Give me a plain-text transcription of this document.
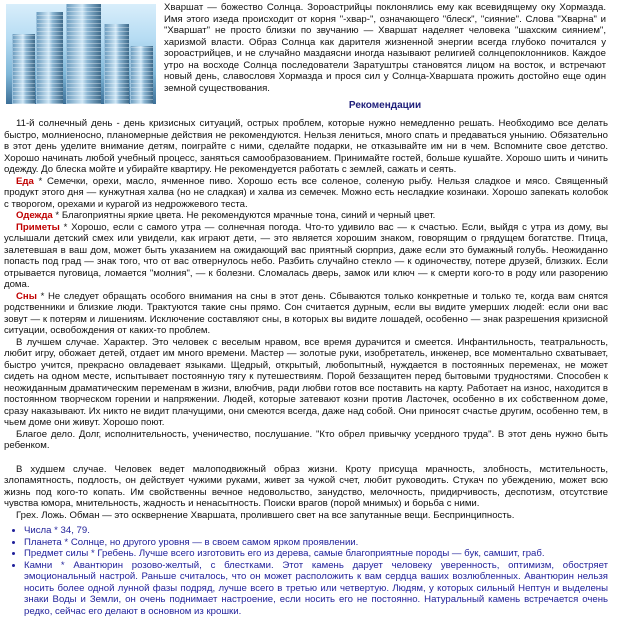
Хваршат — божество Солнца. Зороастрийцы поклонялись ему как всевидящему оку Хормазда. Имя этого изеда происходит от корня "-хвар-", означающего "блеск", "сияние". Слова "Хварна" и "Хваршат" не просто близки по звучанию — Хваршат наделяет человека "шахским сиянием", харизмой власти. Образ Солнца как дарителя жизненной энергии всегда глубоко почитался у зороастрийцев, и не случайно маздаясни иногда называют религией солнцепоклонников. Каждое утро на восходе Солнца последователи Заратуштры становятся лицом на восток, и встречают новый день, славословя Хормазда и прося сил у Солнца-Хваршата прожить достойно еще один земной существования.
Рекомендации

11-й солнечный день - день кризисных ситуаций, острых проблем, которые нужно немедленно решать. Необходимо все делать быстро, молниеносно, планомерные действия не рекомендуются. Нельзя лениться, много спать и предаваться унынию. Обязательно в этот день уделите внимание детям, поиграйте с ними, сделайте подарки, не отказывайте им ни в чем. Вспомните свое детство. Хорошо начинать любой учебный процесс, заняться самообразованием. Принимайте гостей, больше кушайте. Хорошо шить и чинить одежду. До блеска мойте и убирайте квартиру. Не рекомендуется работать с землей, сажать и сеять.

Еда * Семечки, орехи, масло, ячменное пиво. Хорошо есть все соленое, соленую рыбу. Нельзя сладкое и мясо. Священный продукт этого дня — кунжутная халва (но не сладкая) и халва из семечек. Можно есть несладкие козинаки. Хорошо запекать колобок с творогом, орехами и курагой из недрожжевого теста.

Одежда * Благоприятны яркие цвета. Не рекомендуются мрачные тона, синий и черный цвет.

Приметы * Хорошо, если с самого утра — солнечная погода. Что-то удивило вас — к счастью. Если, выйдя с утра из дому, вы услышали детский смех или увидели, как играют дети, — это является хорошим знаком, говорящим о грядущем богатстве. Птица, залетевшая в ваш дом, может быть указанием на ожидающий вас приятный сюрприз, даже если это бумажный голубь. Неожиданно попасть под град — знак того, что от вас отвернулось небо. Разбить случайно стекло — к одиночеству, потере друзей, близких. Если отрывается пуговица, ломается "молния", — к болезни. Сломалась дверь, замок или ключ — к смерти кого-то в роду или разорению дома.

Сны * Не следует обращать особого внимания на сны в этот день. Сбываются только конкретные и только те, когда вам снятся родственники и близкие люди. Трактуются такие сны прямо. Сон считается дурным, если вы видите умерших людей: если они вас зовут — к потерям и лишениям. Исключение составляют сны, в которых вы видите лошадей, особенно — знак разрешения кризисной ситуации, освобождения от каких-то проблем.

В лучшем случае. Характер. Это человек с веселым нравом, все время дурачится и смеется. Инфантильность, театральность, любит игру, обожает детей, отдает им много времени. Мастер — золотые руки, изобретатель, инженер, все моментально схватывает, быстро учится, прекрасно овладевает языками. Щедрый, открытый, любопытный, нуждается в постоянных переменах, не может сидеть на одном месте, испытывает постоянную тягу к путешествиям. Порой беззащитен перед бытовыми трудностями. Способен к неожиданным драматическим переменам в жизни, влюбчив, ради любви готов все поставить на карту. Работает на износ, находится в постоянном творческом горении и напряжении. Людей, которые затевают козни против Ласточек, особенно в их собственном доме, сразу наказывают. Их никто не видит плачущими, они смеются всегда, даже над собой. Они приносят счастье другим, особенно тем, в чьем доме они живут. Хорошо поют.

Благое дело. Долг, исполнительность, ученичество, послушание. "Кто обрел привычку усердного труда". В этот день нужно быть ребенком.

В худшем случае. Человек ведет малоподвижный образ жизни. Кроту присуща мрачность, злобность, мстительность, злопамятность, подлость, он действует чужими руками, живет за чужой счет, любит руководить. Стукач по убеждению, может всю жизнь под кого-то копать. Им свойственны вечное недовольство, занудство, мелочность, придирчивость, деспотизм, отсутствие чувства юмора, мнительность, жадность и ненасытность. Поиски врагов (порой мнимых) и борьба с ними.

Грех. Ложь. Обман — это осквернение Хваршата, пролившего свет на все запутанные вещи. Беспринципность.

• Числа * 34, 79.
• Планета * Солнце, но другого уровня — в своем самом ярком проявлении.
• Предмет силы * Гребень. Лучше всего изготовить его из дерева, самые благоприятные породы — бук, самшит, граб.
• Камни * Авантюрин розово-желтый, с блестками. Этот камень дарует человеку уверенность, оптимизм, обостряет эмоциональный настрой. Раньше считалось, что он может расположить к вам сердца ваших возлюбленных. Авантюрин нельзя носить более одной лунной фазы подряд, лучше всего в третью или четвертую. Людям, у которых сильный Нептун и выделены знаки Воды и Земли, он очень поднимает настроение, если носить его не постоянно. Натуральный камень встречается очень редко, сейчас его делают в основном из крошки.
